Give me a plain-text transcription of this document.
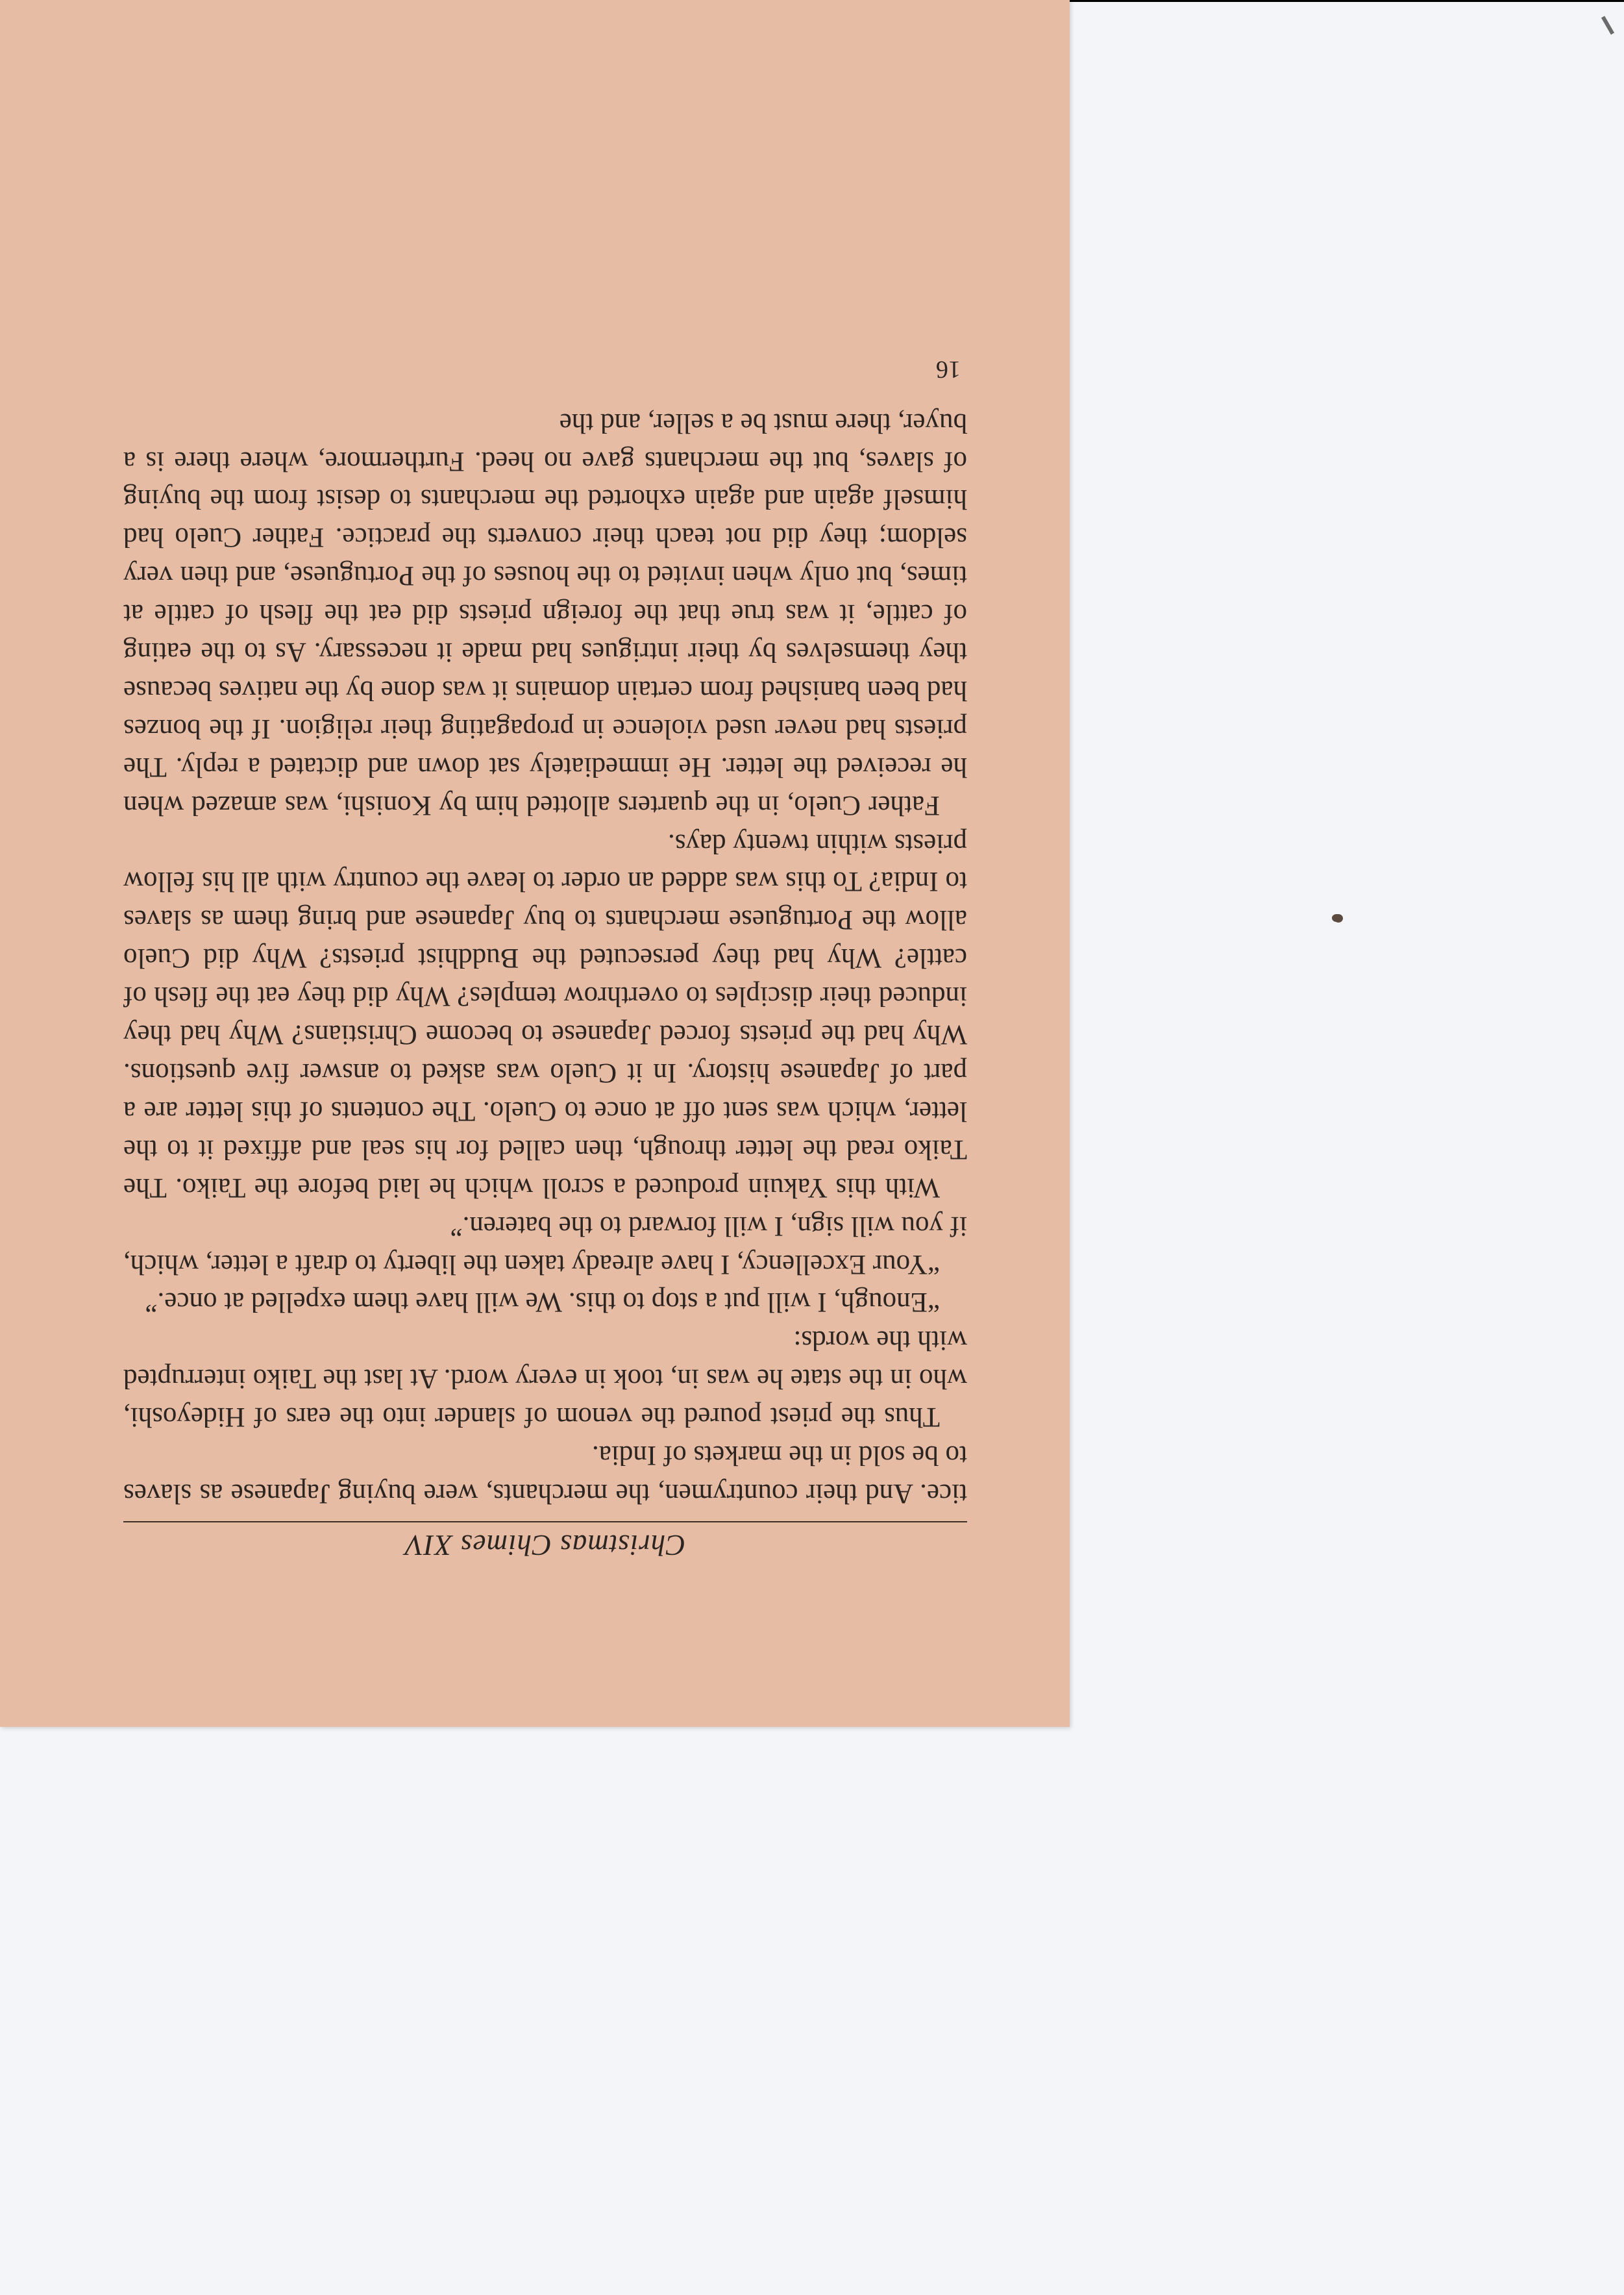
Christmas Chimes XIV

tice. And their countrymen, the merchants, were buying Japanese as slaves to be sold in the markets of India.

Thus the priest poured the venom of slander into the ears of Hideyoshi, who in the state he was in, took in every word. At last the Taiko interrupted with the words:

“Enough, I will put a stop to this. We will have them expelled at once.”

“Your Excellency, I have already taken the liberty to draft a letter, which, if you will sign, I will forward to the bateren.”

With this Yakuin produced a scroll which he laid before the Taiko. The Taiko read the letter through, then called for his seal and affixed it to the letter, which was sent off at once to Cuelo. The contents of this letter are a part of Japanese history. In it Cuelo was asked to answer five questions. Why had the priests forced Japanese to become Christians? Why had they induced their disciples to overthrow temples? Why did they eat the flesh of cattle? Why had they persecuted the Buddhist priests? Why did Cuelo allow the Portuguese merchants to buy Japanese and bring them as slaves to India? To this was added an order to leave the country with all his fellow priests within twenty days.

Father Cuelo, in the quarters allotted him by Konishi, was amazed when he received the letter. He immediately sat down and dictated a reply. The priests had never used violence in propagating their religion. If the bonzes had been banished from certain domains it was done by the natives because they themselves by their intrigues had made it necessary. As to the eating of cattle, it was true that the foreign priests did eat the flesh of cattle at times, but only when invited to the houses of the Portuguese, and then very seldom; they did not teach their converts the practice. Father Cuelo had himself again and again exhorted the merchants to desist from the buying of slaves, but the merchants gave no heed. Furthermore, where there is a buyer, there must be a seller, and the

16
